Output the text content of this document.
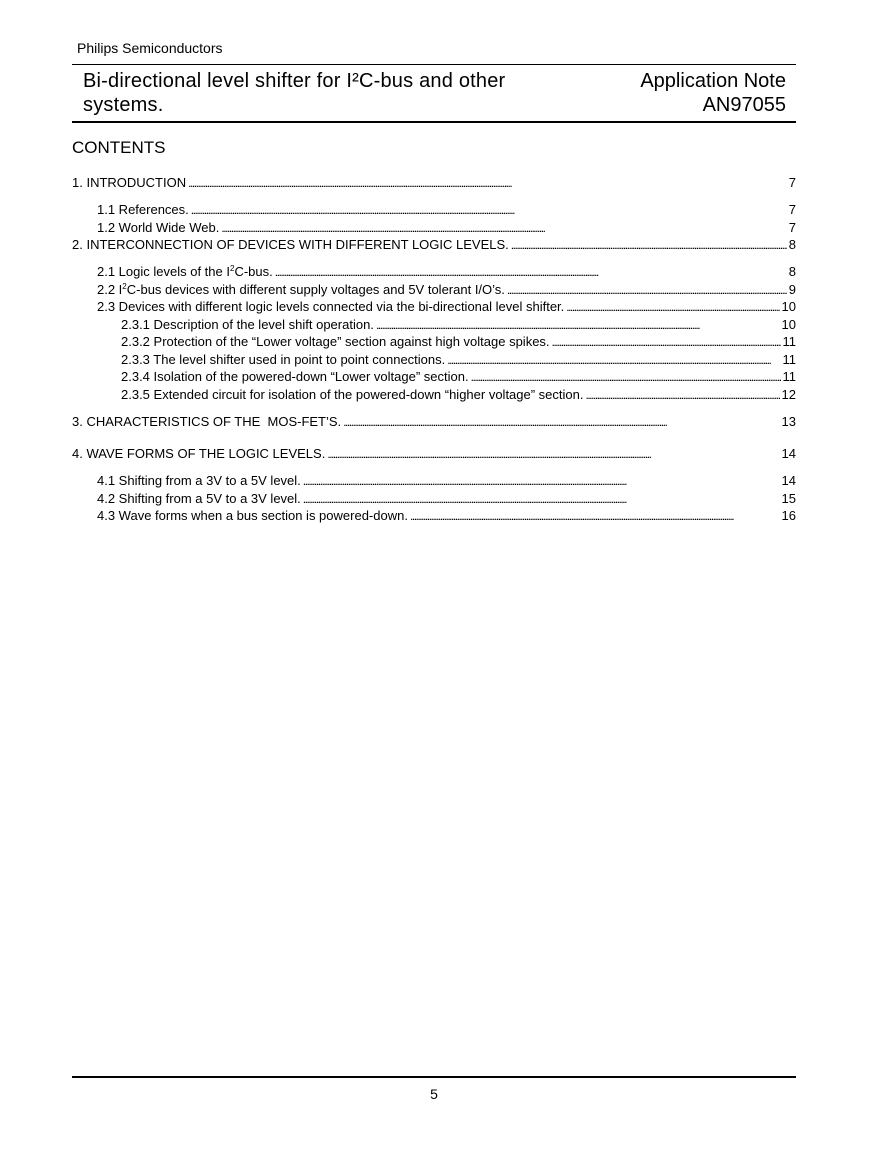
Philips Semiconductors
Bi-directional level shifter for I²C-bus and other systems.
Application Note
AN97055
CONTENTS
1. INTRODUCTION . . .	7
1.1 References. . . .	7
1.2 World Wide Web. . . .	7
2. INTERCONNECTION OF DEVICES WITH DIFFERENT LOGIC LEVELS. . . .	8
2.1 Logic levels of the $I^2C$-bus. . . .	8
2.2 $I^2C$-bus devices with different supply voltages and 5V tolerant I/O’s. . . .	9
2.3 Devices with different logic levels connected via the bi-directional level shifter. . . .	10
2.3.1 Description of the level shift operation. . . .	10
2.3.2 Protection of the “Lower voltage” section against high voltage spikes. . . .	11
2.3.3 The level shifter used in point to point connections. . . .	11
2.3.4 Isolation of the powered-down “Lower voltage” section. . . .	11
2.3.5 Extended circuit for isolation of the powered-down “higher voltage” section. . . .	12
3. CHARACTERISTICS OF THE  MOS-FET’S. . . .	13
4. WAVE FORMS OF THE LOGIC LEVELS. . . .	14
4.1 Shifting from a 3V to a 5V level. . . .	14
4.2 Shifting from a 5V to a 3V level. . . .	15
4.3 Wave forms when a bus section is powered-down. . . .	16
5
